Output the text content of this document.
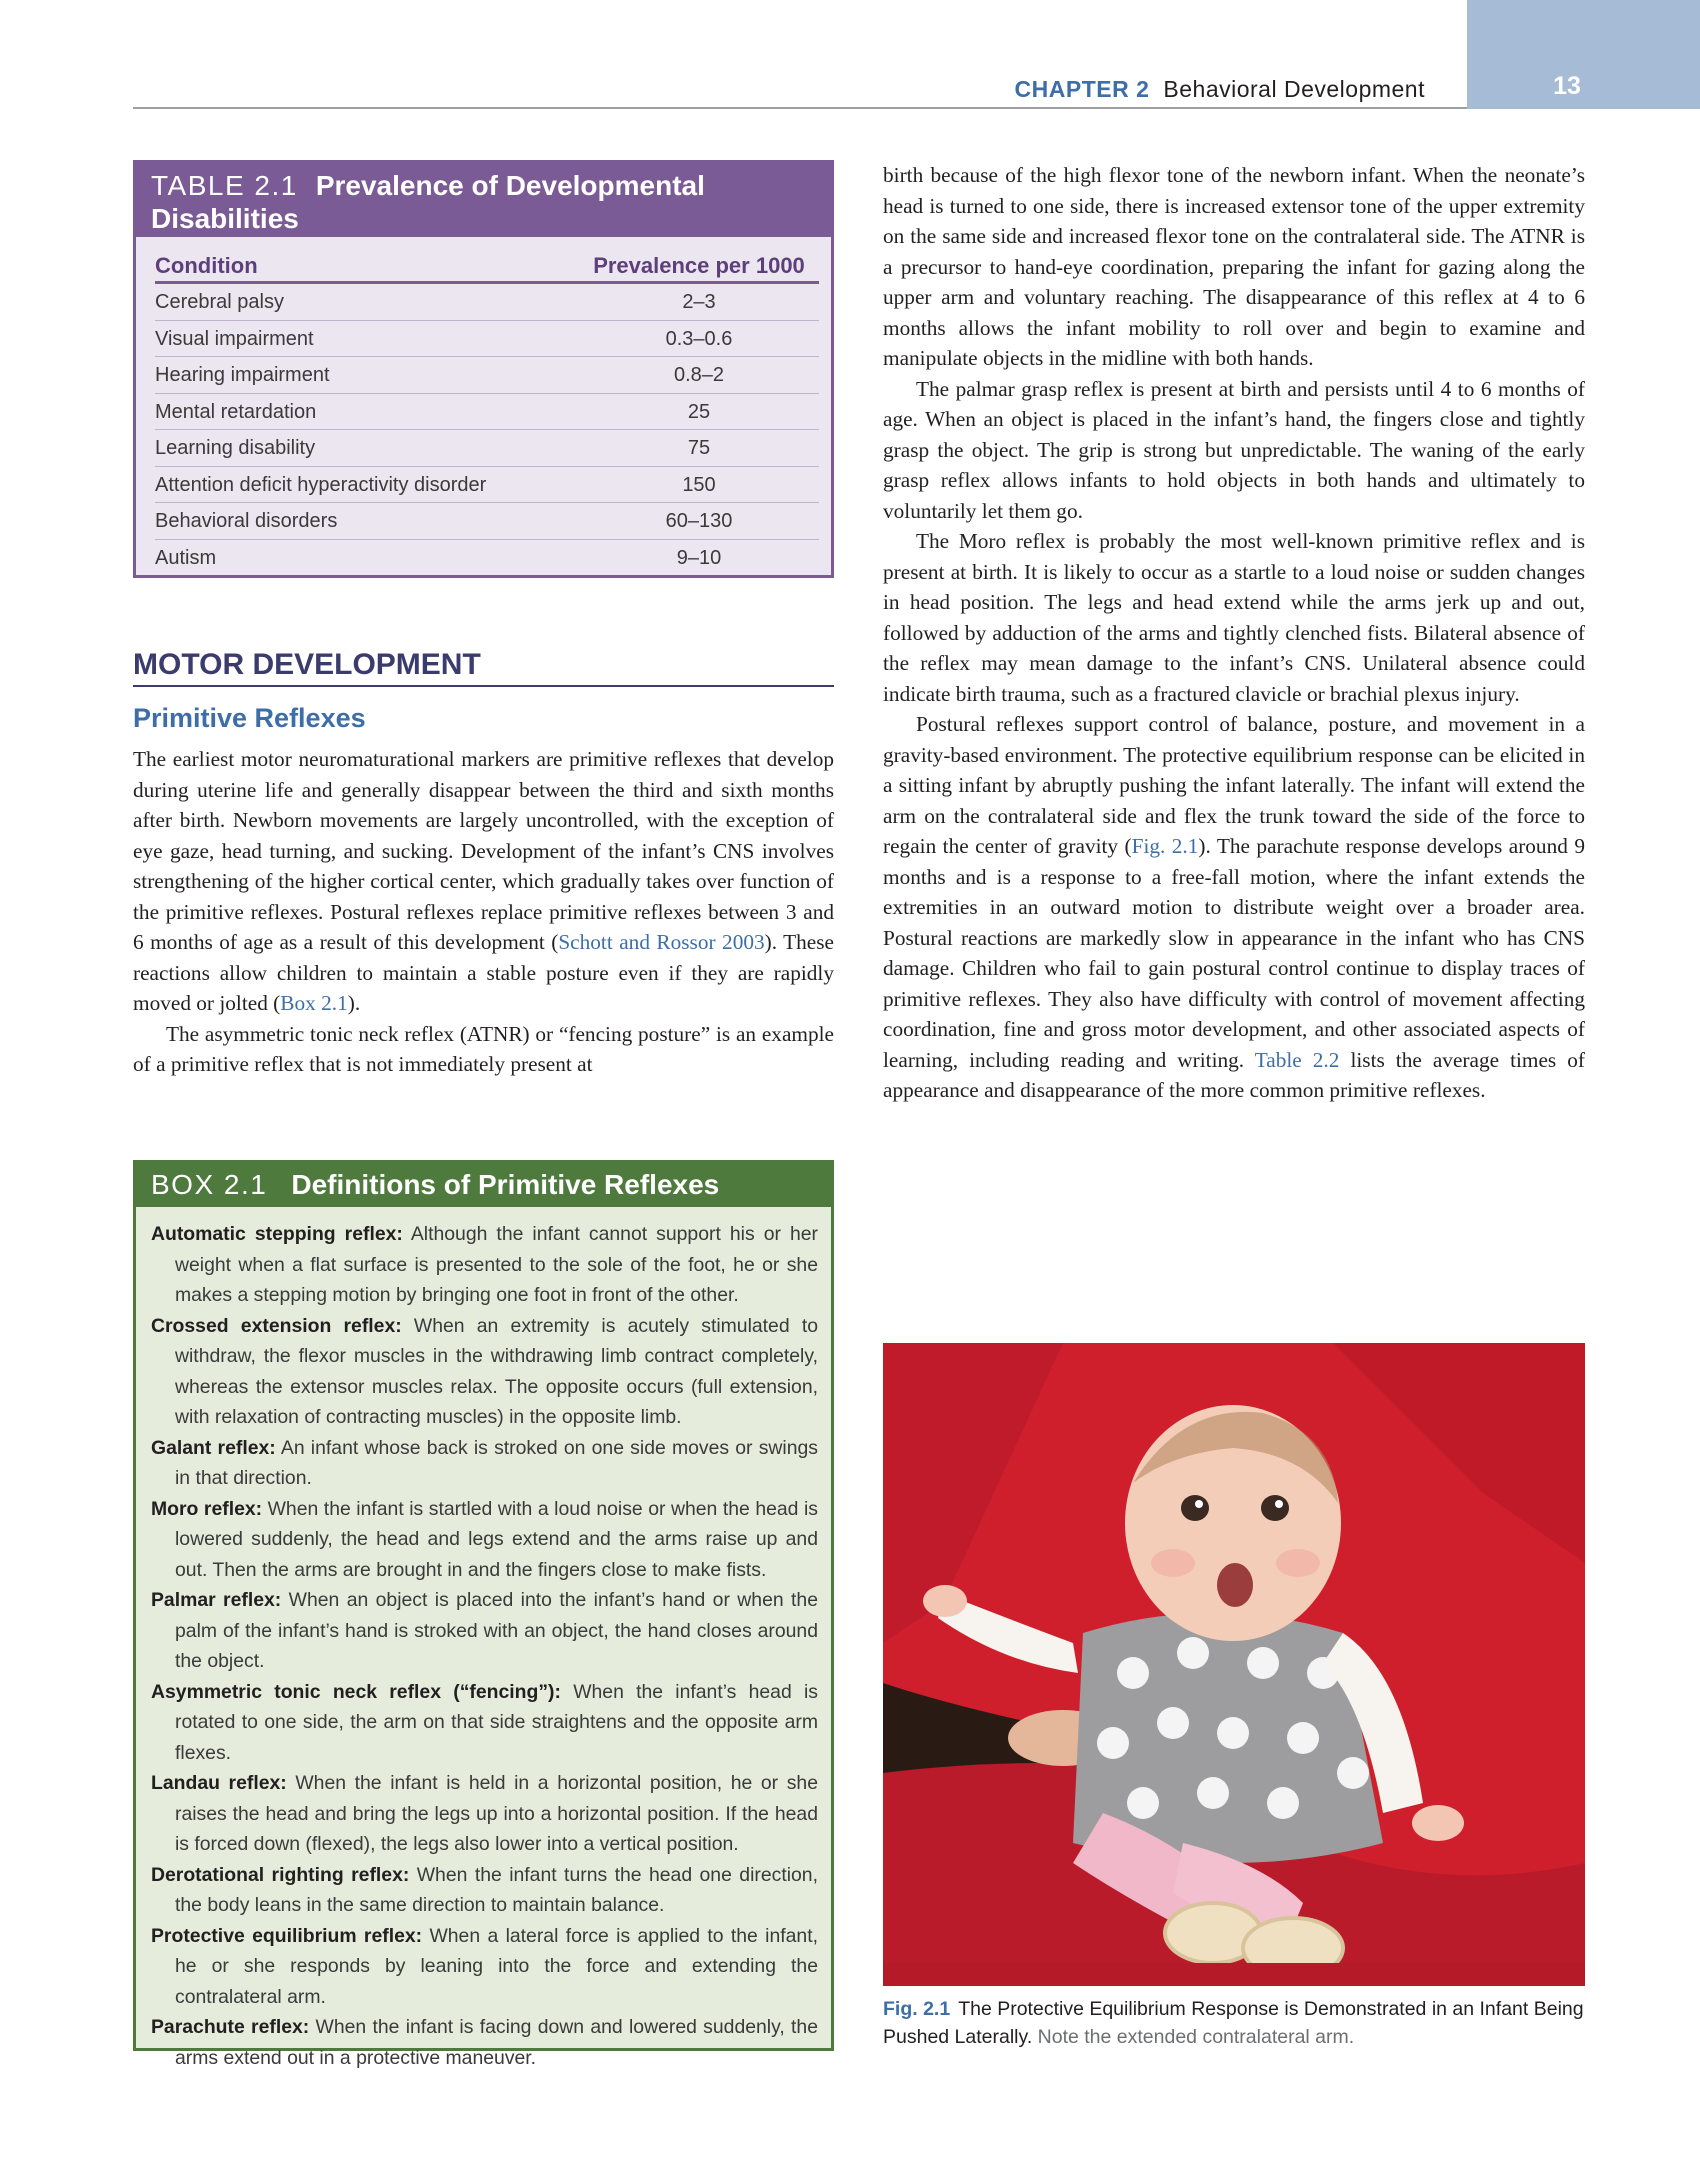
13
CHAPTER 2 Behavioral Development
TABLE 2.1 Prevalence of Developmental
Disabilities
Condition	Prevalence per 1000
Cerebral palsy	2–3
Visual impairment	0.3–0.6
Hearing impairment	0.8–2
Mental retardation	25
Learning disability	75
Attention deficit hyperactivity disorder	150
Behavioral disorders	60–130
Autism	9–10
MOTOR DEVELOPMENT
Primitive Reflexes

The earliest motor neuromaturational markers are primitive reflexes that develop during uterine life and generally disappear between the third and sixth months after birth. Newborn movements are largely uncontrolled, with the exception of eye gaze, head turning, and sucking. Development of the infant’s CNS involves strengthening of the higher cortical center, which gradually takes over function of the primitive reflexes. Postural reflexes replace primitive reflexes between 3 and 6 months of age as a result of this development (Schott and Rossor 2003). These reactions allow children to maintain a stable posture even if they are rapidly moved or jolted (Box 2.1).

The asymmetric tonic neck reflex (ATNR) or “fencing posture” is an example of a primitive reflex that is not immediately present at

BOX 2.1 Definitions of Primitive Reflexes

Automatic stepping reflex: Although the infant cannot support his or her weight when a flat surface is presented to the sole of the foot, he or she makes a stepping motion by bringing one foot in front of the other.

Crossed extension reflex: When an extremity is acutely stimulated to withdraw, the flexor muscles in the withdrawing limb contract completely, whereas the extensor muscles relax. The opposite occurs (full extension, with relaxation of contracting muscles) in the opposite limb.

Galant reflex: An infant whose back is stroked on one side moves or swings in that direction.

Moro reflex: When the infant is startled with a loud noise or when the head is lowered suddenly, the head and legs extend and the arms raise up and out. Then the arms are brought in and the fingers close to make fists.

Palmar reflex: When an object is placed into the infant’s hand or when the palm of the infant’s hand is stroked with an object, the hand closes around the object.

Asymmetric tonic neck reflex (“fencing”): When the infant’s head is rotated to one side, the arm on that side straightens and the opposite arm flexes.

Landau reflex: When the infant is held in a horizontal position, he or she raises the head and bring the legs up into a horizontal position. If the head is forced down (flexed), the legs also lower into a vertical position.

Derotational righting reflex: When the infant turns the head one direction, the body leans in the same direction to maintain balance.

Protective equilibrium reflex: When a lateral force is applied to the infant, he or she responds by leaning into the force and extending the contralateral arm.

Parachute reflex: When the infant is facing down and lowered suddenly, the arms extend out in a protective maneuver.

birth because of the high flexor tone of the newborn infant. When the neonate’s head is turned to one side, there is increased extensor tone of the upper extremity on the same side and increased flexor tone on the contralateral side. The ATNR is a precursor to hand-eye coordination, preparing the infant for gazing along the upper arm and voluntary reaching. The disappearance of this reflex at 4 to 6 months allows the infant mobility to roll over and begin to examine and manipulate objects in the midline with both hands.

The palmar grasp reflex is present at birth and persists until 4 to 6 months of age. When an object is placed in the infant’s hand, the fingers close and tightly grasp the object. The grip is strong but unpredictable. The waning of the early grasp reflex allows infants to hold objects in both hands and ultimately to voluntarily let them go.

The Moro reflex is probably the most well-known primitive reflex and is present at birth. It is likely to occur as a startle to a loud noise or sudden changes in head position. The legs and head extend while the arms jerk up and out, followed by adduction of the arms and tightly clenched fists. Bilateral absence of the reflex may mean damage to the infant’s CNS. Unilateral absence could indicate birth trauma, such as a fractured clavicle or brachial plexus injury.

Postural reflexes support control of balance, posture, and movement in a gravity-based environment. The protective equilibrium response can be elicited in a sitting infant by abruptly pushing the infant laterally. The infant will extend the arm on the contralateral side and flex the trunk toward the side of the force to regain the center of gravity (Fig. 2.1). The parachute response develops around 9 months and is a response to a free-fall motion, where the infant extends the extremities in an outward motion to distribute weight over a broader area. Postural reactions are markedly slow in appearance in the infant who has CNS damage. Children who fail to gain postural control continue to display traces of primitive reflexes. They also have difficulty with control of movement affecting coordination, fine and gross motor development, and other associated aspects of learning, including reading and writing. Table 2.2 lists the average times of appearance and disappearance of the more common primitive reflexes.

Fig. 2.1 The Protective Equilibrium Response is Demonstrated in an Infant Being Pushed Laterally. Note the extended contralateral arm.
